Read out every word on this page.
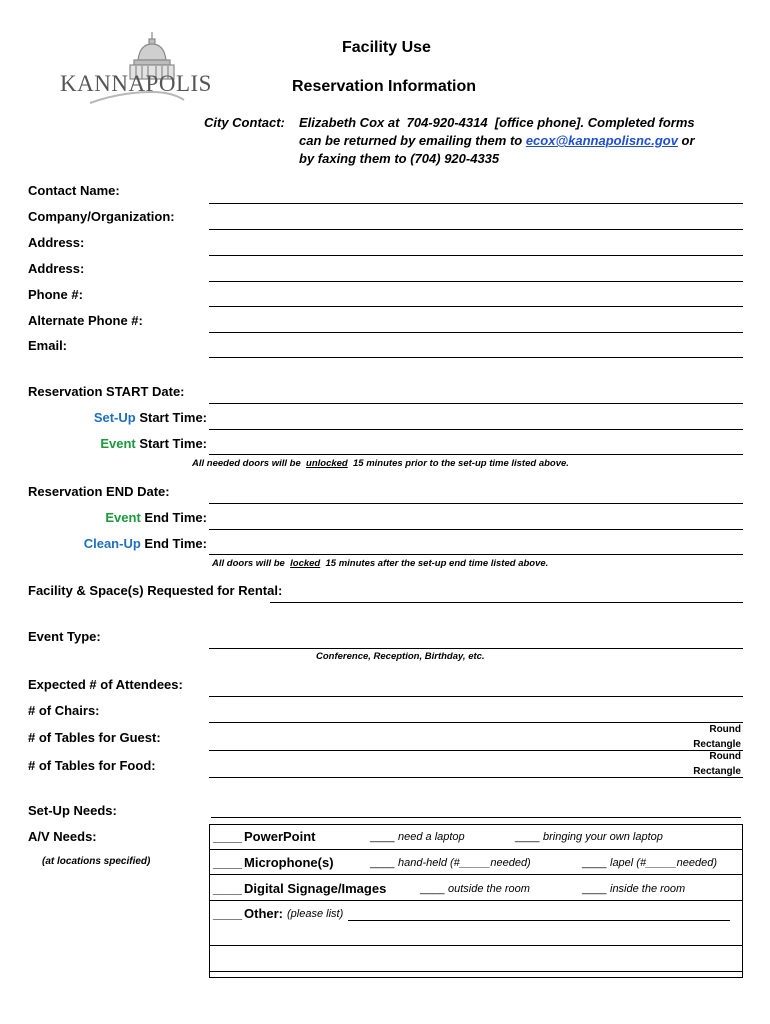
KANNAPOLIS
Facility Use
Reservation Information
City Contact: Elizabeth Cox at  704-920-4314  [office phone]. Completed forms
can be returned by emailing them to ecox@kannapolisnc.gov or
by faxing them to (704) 920-4335
Contact Name:
Company/Organization:
Address:
Address:
Phone #:
Alternate Phone #:
Email:
Reservation START Date:
Set-Up Start Time:
Event Start Time:
All needed doors will be  unlocked  15 minutes prior to the set-up time listed above.
Reservation END Date:
Event End Time:
Clean-Up End Time:
All doors will be  locked  15 minutes after the set-up end time listed above.
Facility & Space(s) Requested for Rental:
Event Type:
Conference, Reception, Birthday, etc.
Expected # of Attendees:
# of Chairs:
# of Tables for Guest:
Round
Rectangle
# of Tables for Food:
Round
Rectangle
Set-Up Needs:
A/V Needs:
(at locations specified)
____ PowerPoint	____ need a laptop	____ bringing your own laptop
____ Microphone(s)	____ hand-held (#_____needed)	____ lapel (#_____needed)
____ Digital Signage/Images	____ outside the room	____ inside the room
____ Other: (please list)
